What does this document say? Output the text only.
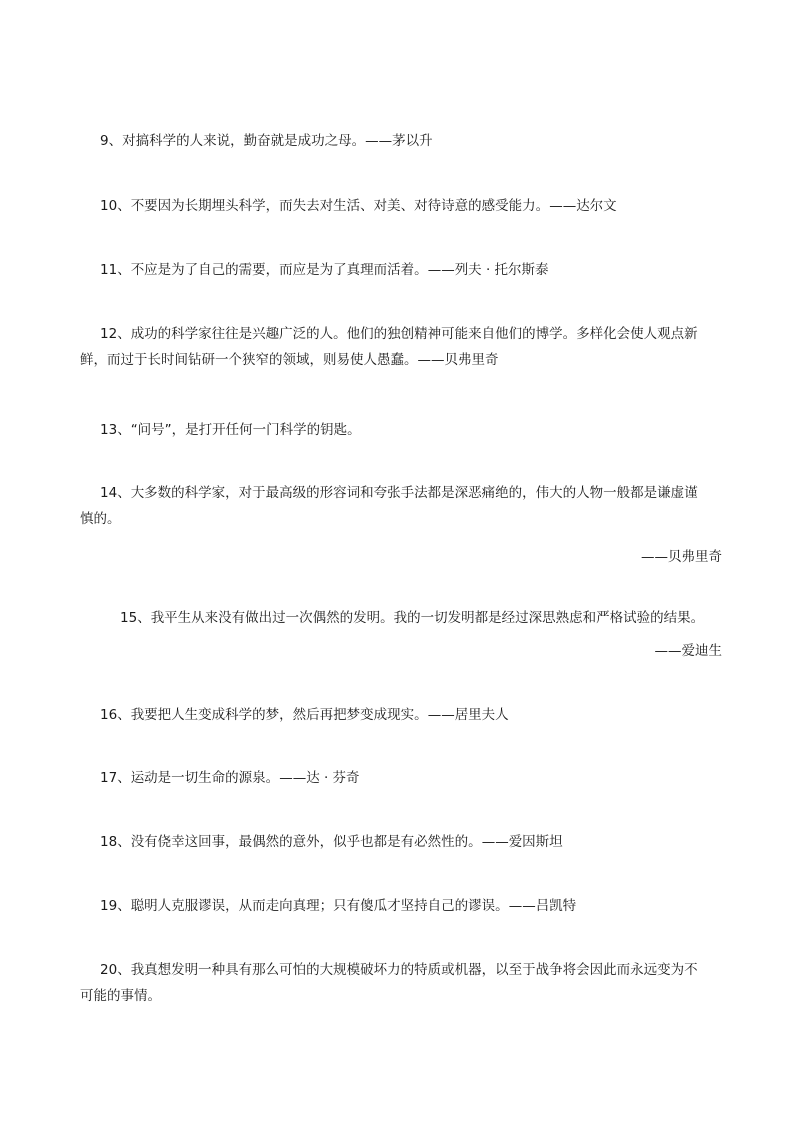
9、对搞科学的人来说，勤奋就是成功之母。——茅以升

10、不要因为长期埋头科学，而失去对生活、对美、对待诗意的感受能力。——达尔文

11、不应是为了自己的需要，而应是为了真理而活着。——列夫 · 托尔斯泰

12、成功的科学家往往是兴趣广泛的人。他们的独创精神可能来自他们的博学。多样化会使人观点新
鲜，而过于长时间钻研一个狭窄的领域，则易使人愚蠢。——贝弗里奇

13、“问号”，是打开任何一门科学的钥匙。

14、大多数的科学家，对于最高级的形容词和夸张手法都是深恶痛绝的，伟大的人物一般都是谦虚谨
慎的。

——贝弗里奇

15、我平生从来没有做出过一次偶然的发明。我的一切发明都是经过深思熟虑和严格试验的结果。

——爱迪生

16、我要把人生变成科学的梦，然后再把梦变成现实。——居里夫人

17、运动是一切生命的源泉。——达 · 芬奇

18、没有侥幸这回事，最偶然的意外，似乎也都是有必然性的。——爱因斯坦

19、聪明人克服谬误，从而走向真理；只有傻瓜才坚持自己的谬误。——吕凯特

20、我真想发明一种具有那么可怕的大规模破坏力的特质或机器，以至于战争将会因此而永远变为不
可能的事情。
